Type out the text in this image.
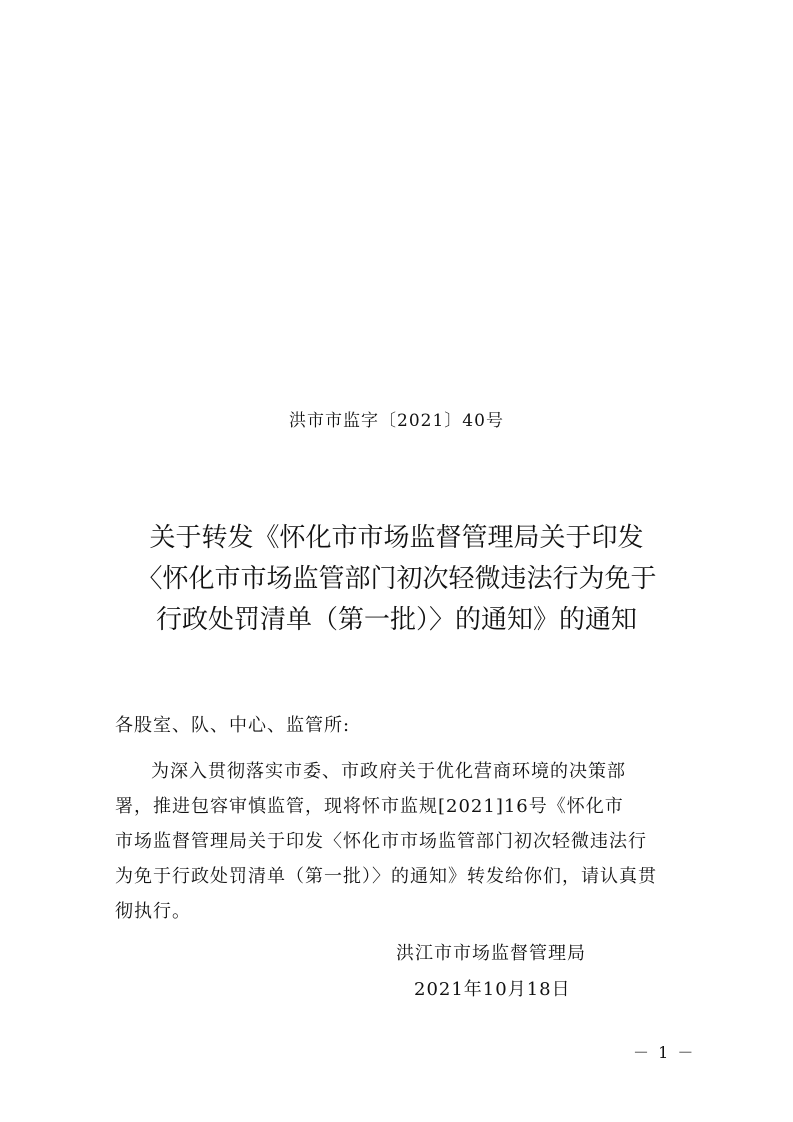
洪市市监字〔2021〕40号
关于转发《怀化市市场监督管理局关于印发
〈怀化市市场监管部门初次轻微违法行为免于
行政处罚清单（第一批）〉的通知》的通知
各股室、队、中心、监管所:

为深入贯彻落实市委、市政府关于优化营商环境的决策部
署，推进包容审慎监管，现将怀市监规[2021]16号《怀化市
市场监督管理局关于印发〈怀化市市场监管部门初次轻微违法行
为免于行政处罚清单（第一批）〉的通知》转发给你们，请认真贯
彻执行。

洪江市市场监督管理局
2021年10月18日
－ 1 －
